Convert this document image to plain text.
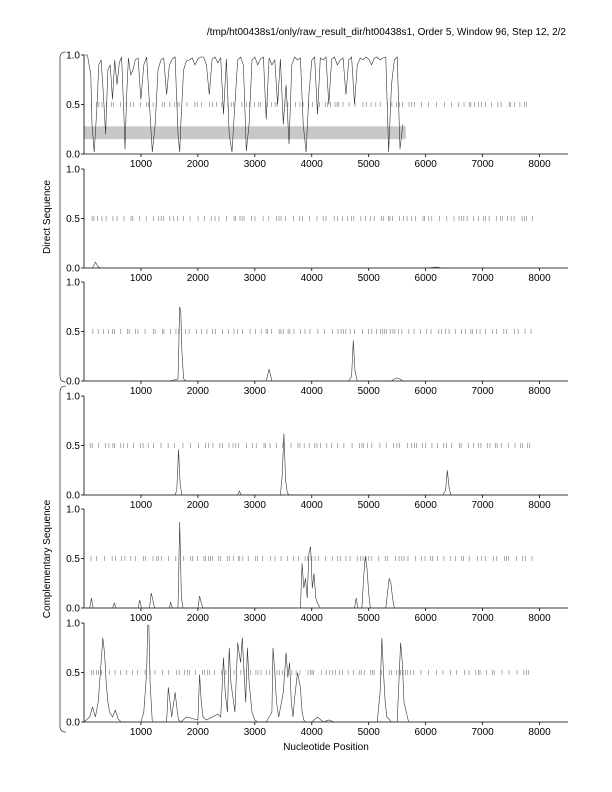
/tmp/ht00438s1/only/raw_result_dir/ht00438s1, Order 5, Window 96, Step 12, 2/2
0.0
0.5
1.0
1000	2000	3000	4000	5000	6000	7000	8000
0.0
0.5
1.0
1000	2000	3000	4000	5000	6000	7000	8000
0.0
0.5
1.0
1000	2000	3000	4000	5000	6000	7000	8000
0.0
0.5
1.0
1000	2000	3000	4000	5000	6000	7000	8000
0.0
0.5
1.0
1000	2000	3000	4000	5000	6000	7000	8000
0.0
0.5
1.0
1000	2000	3000	4000	5000	6000	7000	8000
Nucleotide Position
Direct Sequence
Complementary Sequence
